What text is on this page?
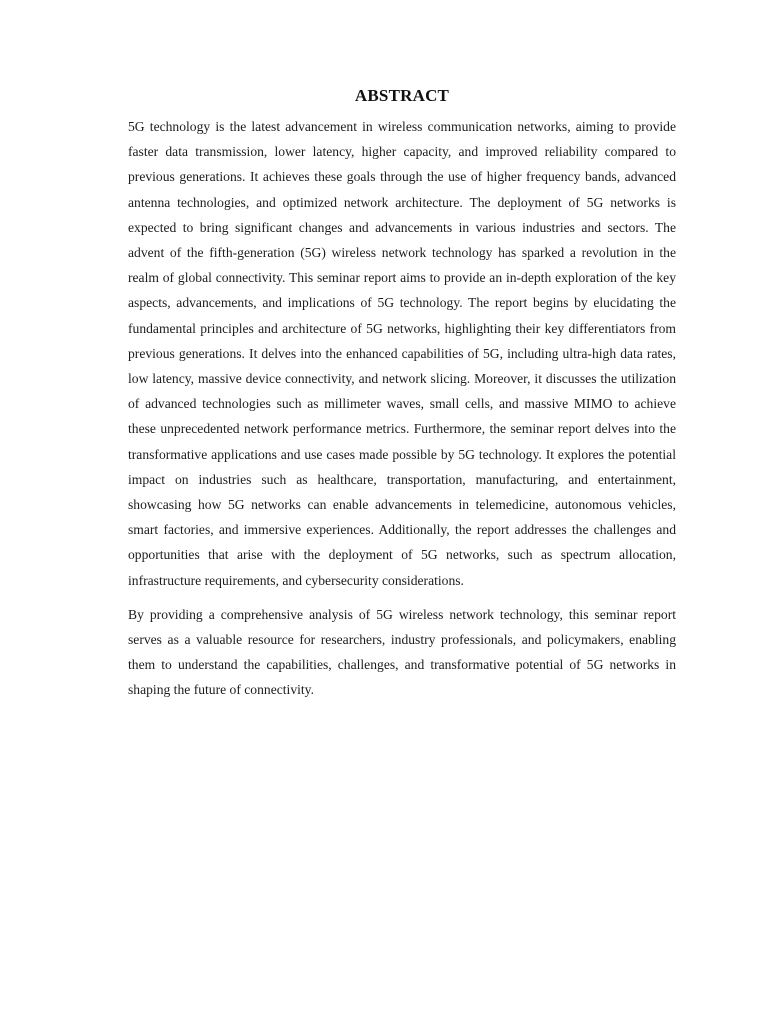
ABSTRACT

5G technology is the latest advancement in wireless communication networks, aiming to provide faster data transmission, lower latency, higher capacity, and improved reliability compared to previous generations. It achieves these goals through the use of higher frequency bands, advanced antenna technologies, and optimized network architecture. The deployment of 5G networks is expected to bring significant changes and advancements in various industries and sectors. The advent of the fifth-generation (5G) wireless network technology has sparked a revolution in the realm of global connectivity. This seminar report aims to provide an in-depth exploration of the key aspects, advancements, and implications of 5G technology. The report begins by elucidating the fundamental principles and architecture of 5G networks, highlighting their key differentiators from previous generations. It delves into the enhanced capabilities of 5G, including ultra-high data rates, low latency, massive device connectivity, and network slicing. Moreover, it discusses the utilization of advanced technologies such as millimeter waves, small cells, and massive MIMO to achieve these unprecedented network performance metrics. Furthermore, the seminar report delves into the transformative applications and use cases made possible by 5G technology. It explores the potential impact on industries such as healthcare, transportation, manufacturing, and entertainment, showcasing how 5G networks can enable advancements in telemedicine, autonomous vehicles, smart factories, and immersive experiences. Additionally, the report addresses the challenges and opportunities that arise with the deployment of 5G networks, such as spectrum allocation, infrastructure requirements, and cybersecurity considerations.

By providing a comprehensive analysis of 5G wireless network technology, this seminar report serves as a valuable resource for researchers, industry professionals, and policymakers, enabling them to understand the capabilities, challenges, and transformative potential of 5G networks in shaping the future of connectivity.
